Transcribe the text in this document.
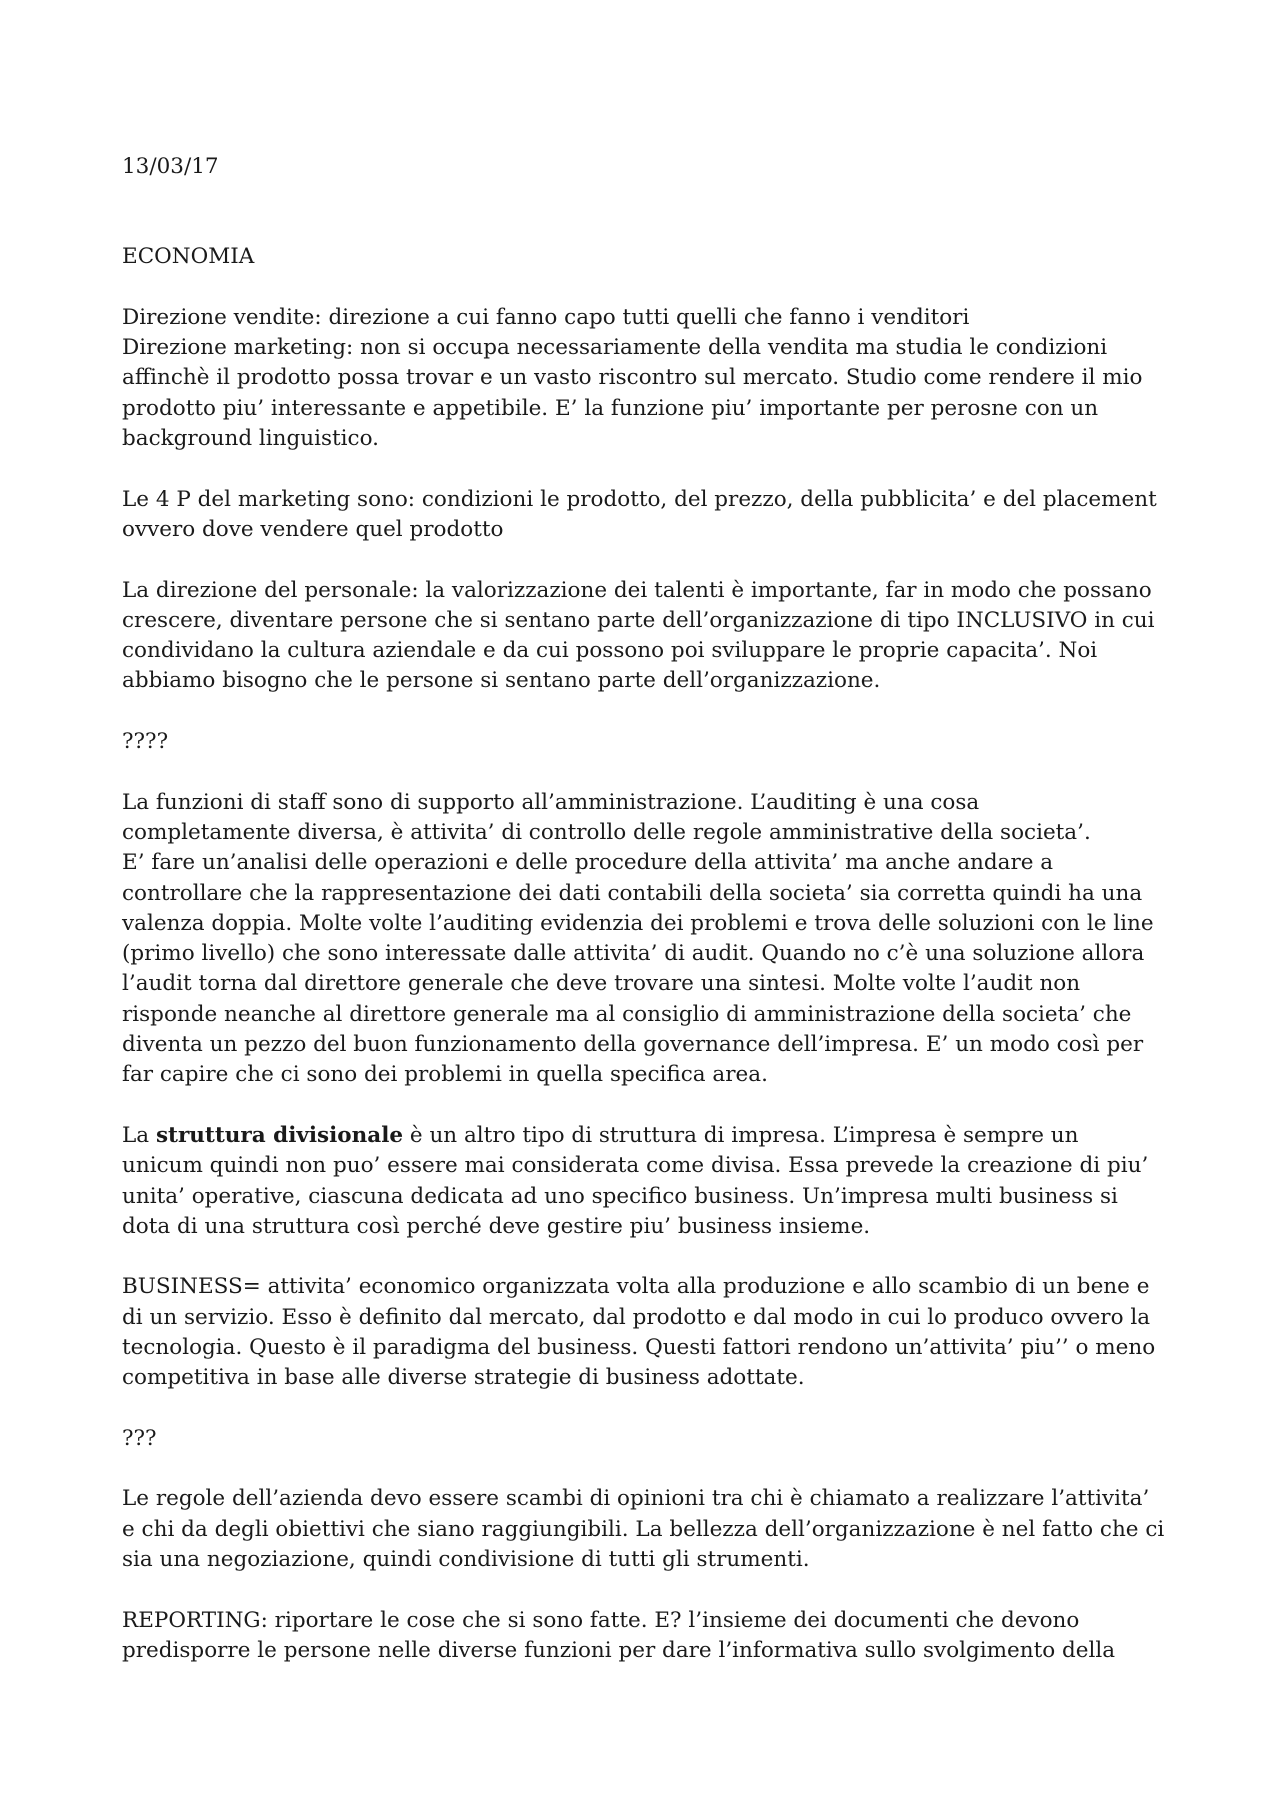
13/03/17

ECONOMIA

Direzione vendite: direzione a cui fanno capo tutti quelli che fanno i venditori

Direzione marketing: non si occupa necessariamente della vendita ma studia le condizioni

affinchè il prodotto possa trovar e un vasto riscontro sul mercato. Studio come rendere il mio

prodotto piu’ interessante e appetibile. E’ la funzione piu’ importante per perosne con un

background linguistico.

Le 4 P del marketing sono: condizioni le prodotto, del prezzo, della pubblicita’ e del placement

ovvero dove vendere quel prodotto

La direzione del personale: la valorizzazione dei talenti è importante, far in modo che possano

crescere, diventare persone che si sentano parte dell’organizzazione di tipo INCLUSIVO in cui

condividano la cultura aziendale e da cui possono poi sviluppare le proprie capacita’. Noi

abbiamo bisogno che le persone si sentano parte dell’organizzazione.

????

La funzioni di staff sono di supporto all’amministrazione. L’auditing è una cosa

completamente diversa, è attivita’ di controllo delle regole amministrative della societa’.

E’ fare un’analisi delle operazioni e delle procedure della attivita’ ma anche andare a

controllare che la rappresentazione dei dati contabili della societa’ sia corretta quindi ha una

valenza doppia. Molte volte l’auditing evidenzia dei problemi e trova delle soluzioni con le line

(primo livello) che sono interessate dalle attivita’ di audit. Quando no c’è una soluzione allora

l’audit torna dal direttore generale che deve trovare una sintesi. Molte volte l’audit non

risponde neanche al direttore generale ma al consiglio di amministrazione della societa’ che

diventa un pezzo del buon funzionamento della governance dell’impresa. E’ un modo così per

far capire che ci sono dei problemi in quella specifica area.

La struttura divisionale è un altro tipo di struttura di impresa. L’impresa è sempre un

unicum quindi non puo’ essere mai considerata come divisa. Essa prevede la creazione di piu’

unita’ operative, ciascuna dedicata ad uno specifico business. Un’impresa multi business si

dota di una struttura così perché deve gestire piu’ business insieme.

BUSINESS= attivita’ economico organizzata volta alla produzione e allo scambio di un bene e

di un servizio. Esso è definito dal mercato, dal prodotto e dal modo in cui lo produco ovvero la

tecnologia. Questo è il paradigma del business. Questi fattori rendono un’attivita’ piu’’ o meno

competitiva in base alle diverse strategie di business adottate.

???

Le regole dell’azienda devo essere scambi di opinioni tra chi è chiamato a realizzare l’attivita’

e chi da degli obiettivi che siano raggiungibili. La bellezza dell’organizzazione è nel fatto che ci

sia una negoziazione, quindi condivisione di tutti gli strumenti.

REPORTING: riportare le cose che si sono fatte. E? l’insieme dei documenti che devono

predisporre le persone nelle diverse funzioni per dare l’informativa sullo svolgimento della
